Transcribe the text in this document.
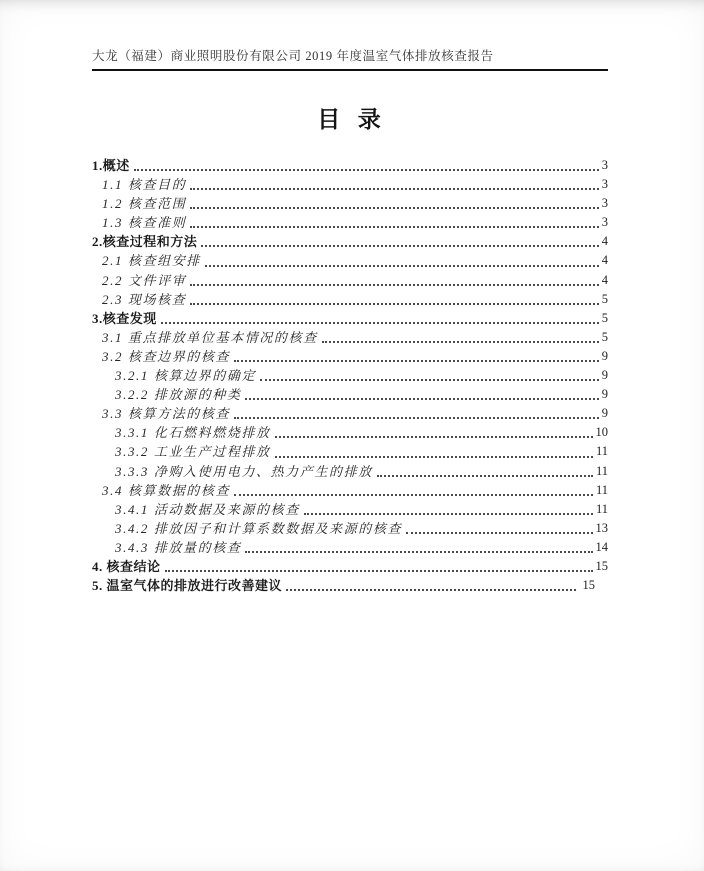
大龙（福建）商业照明股份有限公司 2019 年度温室气体排放核查报告
目  录
1.概述	3
1.1 核查目的	3
1.2 核查范围	3
1.3 核查准则	3
2.核查过程和方法	4
2.1 核查组安排	4
2.2 文件评审	4
2.3 现场核查	5
3.核查发现	5
3.1 重点排放单位基本情况的核查	5
3.2 核查边界的核查	9
3.2.1 核算边界的确定	9
3.2.2 排放源的种类	9
3.3 核算方法的核查	9
3.3.1 化石燃料燃烧排放	10
3.3.2 工业生产过程排放	11
3.3.3 净购入使用电力、热力产生的排放	11
3.4 核算数据的核查	11
3.4.1 活动数据及来源的核查	11
3.4.2 排放因子和计算系数数据及来源的核查	13
3.4.3 排放量的核查	14
4. 核查结论	15
5. 温室气体的排放进行改善建议	15
